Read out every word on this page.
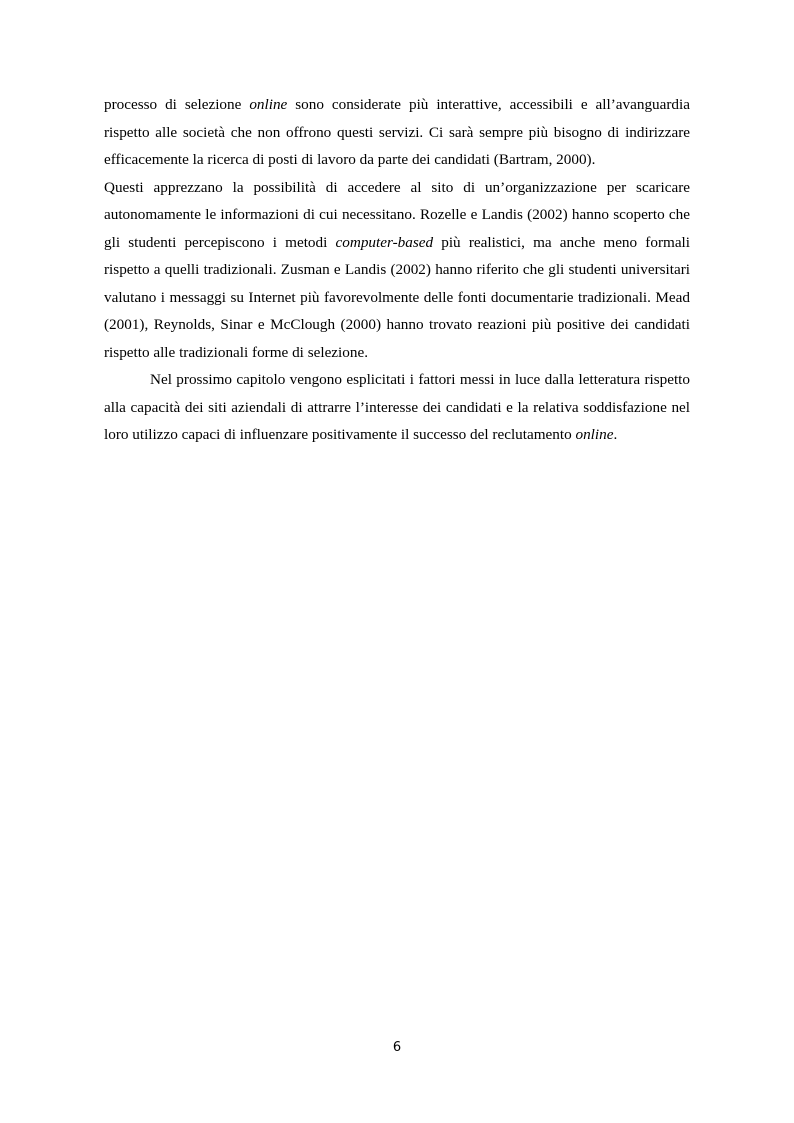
processo di selezione online sono considerate più interattive, accessibili e all’avanguardia rispetto alle società che non offrono questi servizi. Ci sarà sempre più bisogno di indirizzare efficacemente la ricerca di posti di lavoro da parte dei candidati (Bartram, 2000).

Questi apprezzano la possibilità di accedere al sito di un’organizzazione per scaricare autonomamente le informazioni di cui necessitano. Rozelle e Landis (2002) hanno scoperto che gli studenti percepiscono i metodi computer-based più realistici, ma anche meno formali rispetto a quelli tradizionali. Zusman e Landis (2002) hanno riferito che gli studenti universitari valutano i messaggi su Internet più favorevolmente delle fonti documentarie tradizionali. Mead (2001), Reynolds, Sinar e McClough (2000) hanno trovato reazioni più positive dei candidati rispetto alle tradizionali forme di selezione.

Nel prossimo capitolo vengono esplicitati i fattori messi in luce dalla letteratura rispetto alla capacità dei siti aziendali di attrarre l’interesse dei candidati e la relativa soddisfazione nel loro utilizzo capaci di influenzare positivamente il successo del reclutamento online.

6
